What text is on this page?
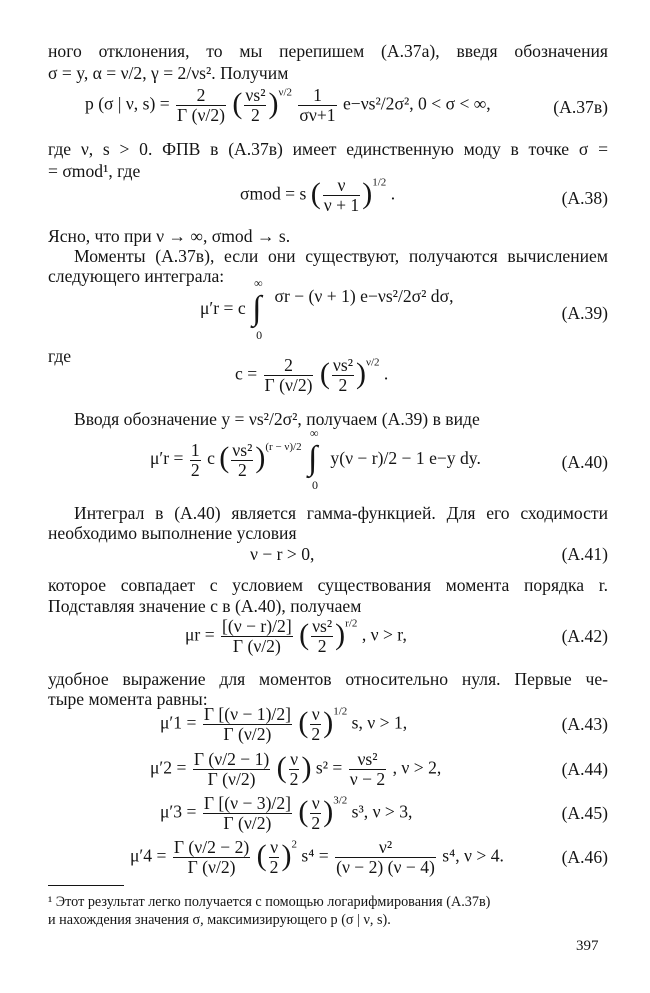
ного отклонения, то мы перепишем (А.37а), введя обозначения
σ = y, α = ν/2, γ = 2/νs². Получим
p (σ | ν, $s) = \frac{2}{\Gamma (\nu/2)}$ ( $\frac{\text{νs²}}{2} )^{\nu/2} \frac{1}{\sigma\nu+1} e-\nu s^2/2\sigma^2$, 0 < σ < ∞,	(А.37в)
где ν, s > 0. ФПВ в (А.37в) имеет единственную моду в точке σ =
= σmod¹, где
σmod = s ( $\frac{\nu}{\nu + 1} )^{1/2}$ .	(А.38)
Ясно, что при ν → ∞, σmod → s.
Моменты (А.37в), если они существуют, получаются вычислением
следующего интеграла:
μ′r = c ∫
∞
0
σr − (ν + 1) e−νs²/2σ² dσ,
(А.39)
где
$c = \frac{2}{\Gamma (\nu/2)}$ ( $\frac{\text{νs²}}{2} )^{\nu/2}$ .
Вводя обозначение y = νs²/2σ², получаем (А.39) в виде
$\mu'r = \frac{1}{2}$ c ( $\frac{\text{νs²}}{2} )^{(r - \nu)/2}$ ∫
∞
0
y(ν − r)/2 − 1 e−y dy.	(А.40)
Интеграл в (А.40) является гамма-функцией. Для его сходимости
необходимо выполнение условия
ν − r > 0,	(А.41)
которое совпадает с условием существования момента порядка r.
Подставляя значение c в (А.40), получаем
$\mu r = \frac{[(\nu - r)/2]}{\Gamma (\nu/2)}$ ( $\frac{\text{νs²}}{2} )^{r/2}$ , ν > r,	(А.42)
удобное выражение для моментов относительно нуля. Первые че-
тыре момента равны:
$\mu'1 = \frac{\Gamma [(\nu - 1)/2]}{\Gamma (\nu/2)}$ ( $\frac{\nu}{2} )^{1/2}$ s, ν > 1,	(А.43)
$\mu'2 = \frac{\Gamma (\nu/2 - 1)}{\Gamma (\nu/2)}$ ( $\frac{\nu}{2}$ ) $s^2 = \frac{\text{νs²}}{\nu - 2}$ , ν > 2,	(А.44)
$\mu'3 = \frac{\Gamma [(\nu - 3)/2]}{\Gamma (\nu/2)}$ ( $\frac{\nu}{2} )^{3/2}$ s³, ν > 3,	(А.45)
$\mu'4 = \frac{\Gamma (\nu/2 - 2)}{\Gamma (\nu/2)}$ ( $\frac{\nu}{2} )^2$ $s^4 = \frac{\text{ν²}}{(\nu - 2) (\nu - 4)} s^4$, ν > 4.	(А.46)
¹ Этот результат легко получается с помощью логарифмирования (А.37в)
и нахождения значения σ, максимизирующего p (σ | ν, s).
397
